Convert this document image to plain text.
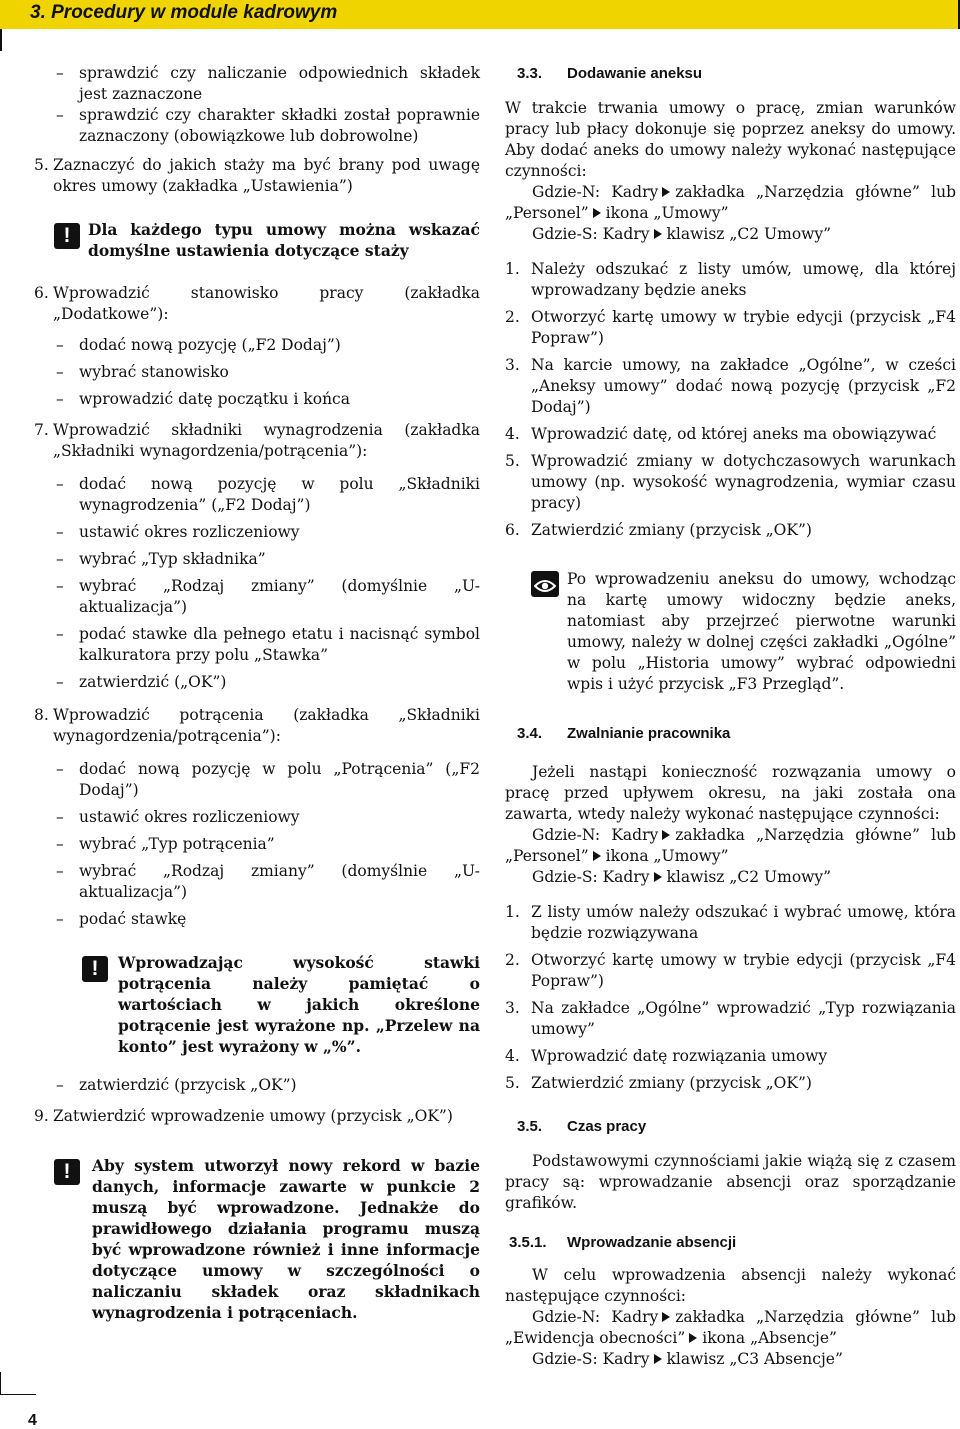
3. Procedury w module kadrowym
– sprawdzić czy naliczanie odpowiednich składek jest zaznaczone
– sprawdzić czy charakter składki został poprawnie zaznaczony (obowiązkowe lub dobrowolne)
5. Zaznaczyć do jakich staży ma być brany pod uwagę okres umowy (zakładka „Ustawienia”)
!	Dla każdego typu umowy można wskazać domyślne ustawienia dotyczące staży
6. Wprowadzić stanowisko pracy (zakładka „Dodatkowe”):
– dodać nową pozycję („F2 Dodaj”)
– wybrać stanowisko
– wprowadzić datę początku i końca
7. Wprowadzić składniki wynagrodzenia (zakładka „Składniki wynagordzenia/potrącenia”):
– dodać nową pozycję w polu „Składniki wynagrodzenia” („F2 Dodaj”)
– ustawić okres rozliczeniowy
– wybrać „Typ składnika”
– wybrać „Rodzaj zmiany” (domyślnie „U-aktualizacja”)
– podać stawke dla pełnego etatu i nacisnąć symbol kalkuratora przy polu „Stawka”
– zatwierdzić („OK”)
8. Wprowadzić potrącenia (zakładka „Składniki wynagordzenia/potrącenia”):
– dodać nową pozycję w polu „Potrącenia” („F2 Dodaj”)
– ustawić okres rozliczeniowy
– wybrać „Typ potrącenia”
– wybrać „Rodzaj zmiany” (domyślnie „U-aktualizacja”)
– podać stawkę
!	Wprowadzając wysokość stawki potrącenia należy pamiętać o wartościach w jakich określone potrącenie jest wyrażone np. „Przelew na konto” jest wyrażony w „%”.
– zatwierdzić (przycisk „OK”)
9. Zatwierdzić wprowadzenie umowy (przycisk „OK”)
!	Aby system utworzył nowy rekord w bazie danych, informacje zawarte w punkcie 2 muszą być wprowadzone. Jednakże do prawidłowego działania programu muszą być wprowadzone również i inne informacje dotyczące umowy w szczególności o naliczaniu składek oraz składnikach wynagrodzenia i potrąceniach.
3.3. Dodawanie aneksu

W trakcie trwania umowy o pracę, zmian warunków pracy lub płacy dokonuje się poprzez aneksy do umowy. Aby dodać aneks do umowy należy wykonać następujące czynności:

Gdzie-N: Kadry zakładka „Narzędzia główne” lub „Personel” ikona „Umowy”

Gdzie-S: Kadry klawisz „C2 Umowy”

1. Należy odszukać z listy umów, umowę, dla której wprowadzany będzie aneks
2. Otworzyć kartę umowy w trybie edycji (przycisk „F4 Popraw”)
3. Na karcie umowy, na zakładce „Ogólne”, w cześci „Aneksy umowy” dodać nową pozycję (przycisk „F2 Dodaj”)
4. Wprowadzić datę, od której aneks ma obowiązywać
5. Wprowadzić zmiany w dotychczasowych warunkach umowy (np. wysokość wynagrodzenia, wymiar czasu pracy)
6. Zatwierdzić zmiany (przycisk „OK”)
Po wprowadzeniu aneksu do umowy, wchodząc na kartę umowy widoczny będzie aneks, natomiast aby przejrzeć pierwotne warunki umowy, należy w dolnej części zakładki „Ogólne” w polu „Historia umowy” wybrać odpowiedni wpis i użyć przycisk „F3 Przegląd”.
3.4. Zwalnianie pracownika

Jeżeli nastąpi konieczność rozwązania umowy o pracę przed upływem okresu, na jaki została ona zawarta, wtedy należy wykonać następujące czynności:

Gdzie-N: Kadry zakładka „Narzędzia główne” lub „Personel” ikona „Umowy”

Gdzie-S: Kadry klawisz „C2 Umowy”

1. Z listy umów należy odszukać i wybrać umowę, która będzie rozwiązywana
2. Otworzyć kartę umowy w trybie edycji (przycisk „F4 Popraw”)
3. Na zakładce „Ogólne” wprowadzić „Typ rozwiązania umowy”
4. Wprowadzić datę rozwiązania umowy
5. Zatwierdzić zmiany (przycisk „OK”)
3.5. Czas pracy

Podstawowymi czynnościami jakie wiążą się z czasem pracy są: wprowadzanie absencji oraz sporządzanie grafików.

3.5.1. Wprowadzanie absencji

W celu wprowadzenia absencji należy wykonać następujące czynności:

Gdzie-N: Kadry zakładka „Narzędzia główne” lub „Ewidencja obecności” ikona „Absencje”

Gdzie-S: Kadry klawisz „C3 Absencje”

4
